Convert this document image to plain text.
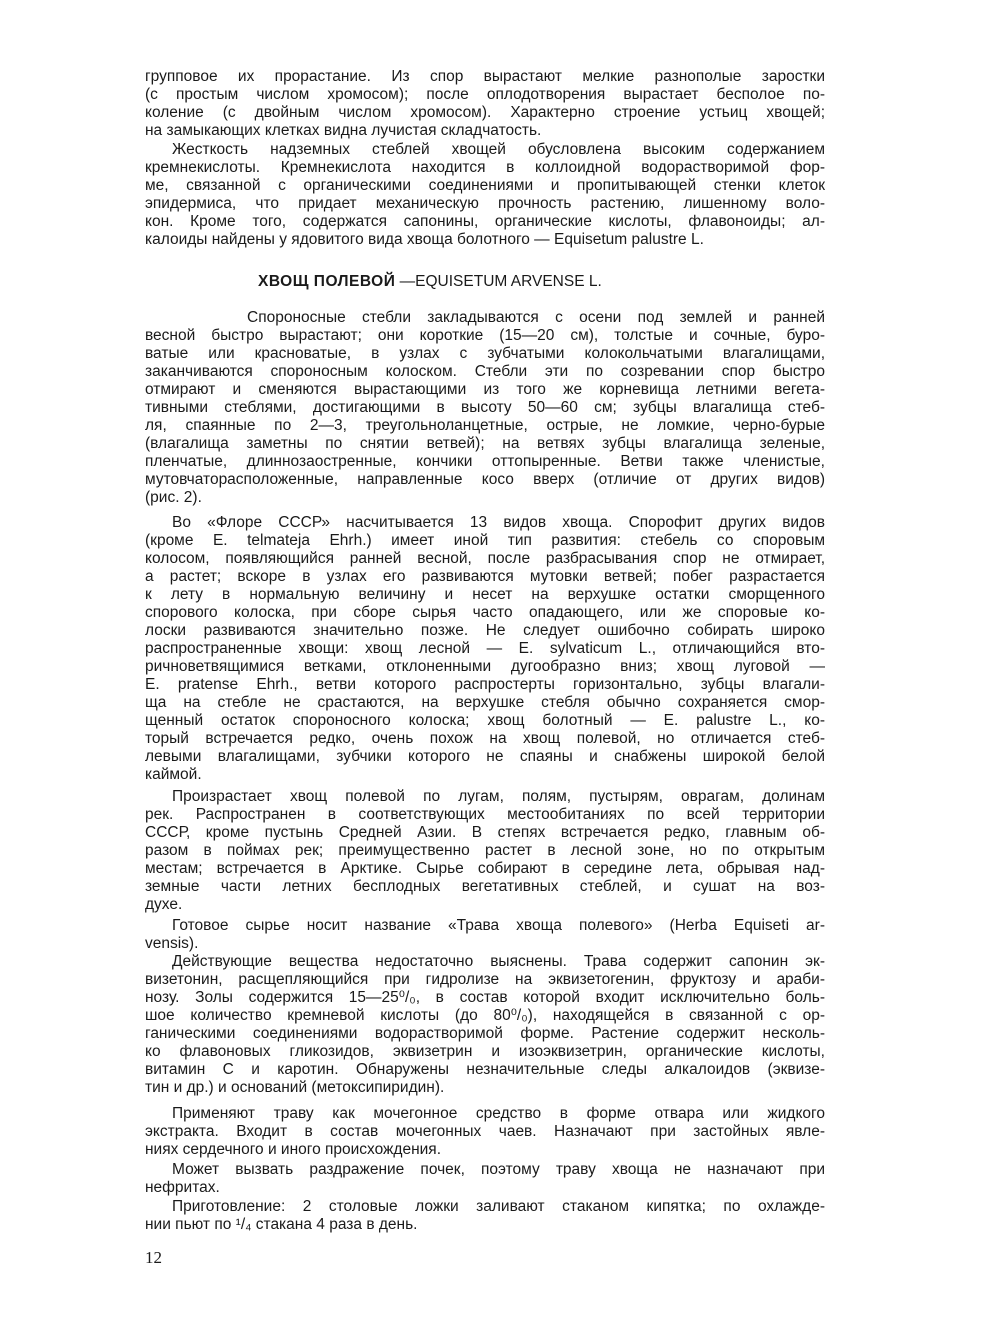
ХВОЩ ПОЛЕВОЙ —EQUISETUM ARVENSE L.
групповое их прорастание. Из спор вырастают мелкие разнополые заростки
(с простым числом хромосом); после оплодотворения вырастает бесполое по-
коление (с двойным числом хромосом). Характерно строение устьиц хвощей;
на замыкающих клетках видна лучистая складчатость.
Жесткость надземных стеблей хвощей обусловлена высоким содержанием
кремнекислоты. Кремнекислота находится в коллоидной водорастворимой фор-
ме, связанной с органическими соединениями и пропитывающей стенки клеток
эпидермиса, что придает механическую прочность растению, лишенному воло-
кон. Кроме того, содержатся сапонины, органические кислоты, флавоноиды; ал-
калоиды найдены у ядовитого вида хвоща болотного — Equisetum palustre L.
Спороносные стебли закладываются с осени под землей и ранней
весной быстро вырастают; они короткие (15—20 см), толстые и сочные, буро-
ватые или красноватые, в узлах с зубчатыми колокольчатыми влагалищами,
заканчиваются спороносным колоском. Стебли эти по созревании спор быстро
отмирают и сменяются вырастающими из того же корневища летними вегета-
тивными стеблями, достигающими в высоту 50—60 см; зубцы влагалища стеб-
ля, спаянные по 2—3, треугольноланцетные, острые, не ломкие, черно-бурые
(влагалища заметны по снятии ветвей); на ветвях зубцы влагалища зеленые,
пленчатые, длиннозаостренные, кончики оттопыренные. Ветви также членистые,
мутовчаторасположенные, направленные косо вверх (отличие от других видов)
(рис. 2).
Во «Флоре СССР» насчитывается 13 видов хвоща. Спорофит других видов
(кроме E. telmateja Ehrh.) имеет иной тип развития: стебель со споровым
колосом, появляющийся ранней весной, после разбрасывания спор не отмирает,
а растет; вскоре в узлах его развиваются мутовки ветвей; побег разрастается
к лету в нормальную величину и несет на верхушке остатки сморщенного
спорового колоска, при сборе сырья часто опадающего, или же споровые ко-
лоски развиваются значительно позже. Не следует ошибочно собирать широко
распространенные хвощи: хвощ лесной — E. sylvaticum L., отличающийся вто-
ричноветвящимися ветками, отклоненными дугообразно вниз; хвощ луговой —
E. pratense Ehrh., ветви которого распростерты горизонтально, зубцы влагали-
ща на стебле не срастаются, на верхушке стебля обычно сохраняется смор-
щенный остаток спороносного колоска; хвощ болотный — E. palustre L., ко-
торый встречается редко, очень похож на хвощ полевой, но отличается стеб-
левыми влагалищами, зубчики которого не спаяны и снабжены широкой белой
каймой.
Произрастает хвощ полевой по лугам, полям, пустырям, оврагам, долинам
рек. Распространен в соответствующих местообитаниях по всей территории
СССР, кроме пустынь Средней Азии. В степях встречается редко, главным об-
разом в поймах рек; преимущественно растет в лесной зоне, но по открытым
местам; встречается в Арктике. Сырье собирают в середине лета, обрывая над-
земные части летних бесплодных вегетативных стеблей, и сушат на воз-
духе.
Готовое сырье носит название «Трава хвоща полевого» (Herba Equiseti ar-
vensis).
Действующие вещества недостаточно выяснены. Трава содержит сапонин эк-
визетонин, расщепляющийся при гидролизе на эквизетогенин, фруктозу и араби-
нозу. Золы содержится 15—25⁰/₀, в состав которой входит исключительно боль-
шое количество кремневой кислоты (до 80⁰/₀), находящейся в связанной с ор-
ганическими соединениями водорастворимой форме. Растение содержит несколь-
ко флавоновых гликозидов, эквизетрин и изоэквизетрин, органические кислоты,
витамин С и каротин. Обнаружены незначительные следы алкалоидов (эквизе-
тин и др.) и оснований (метоксипиридин).
Применяют траву как мочегонное средство в форме отвара или жидкого
экстракта. Входит в состав мочегонных чаев. Назначают при застойных явле-
ниях сердечного и иного происхождения.
Может вызвать раздражение почек, поэтому траву хвоща не назначают при
нефритах.
Приготовление: 2 столовые ложки заливают стаканом кипятка; по охлажде-
нии пьют по ¹/₄ стакана 4 раза в день.
12
